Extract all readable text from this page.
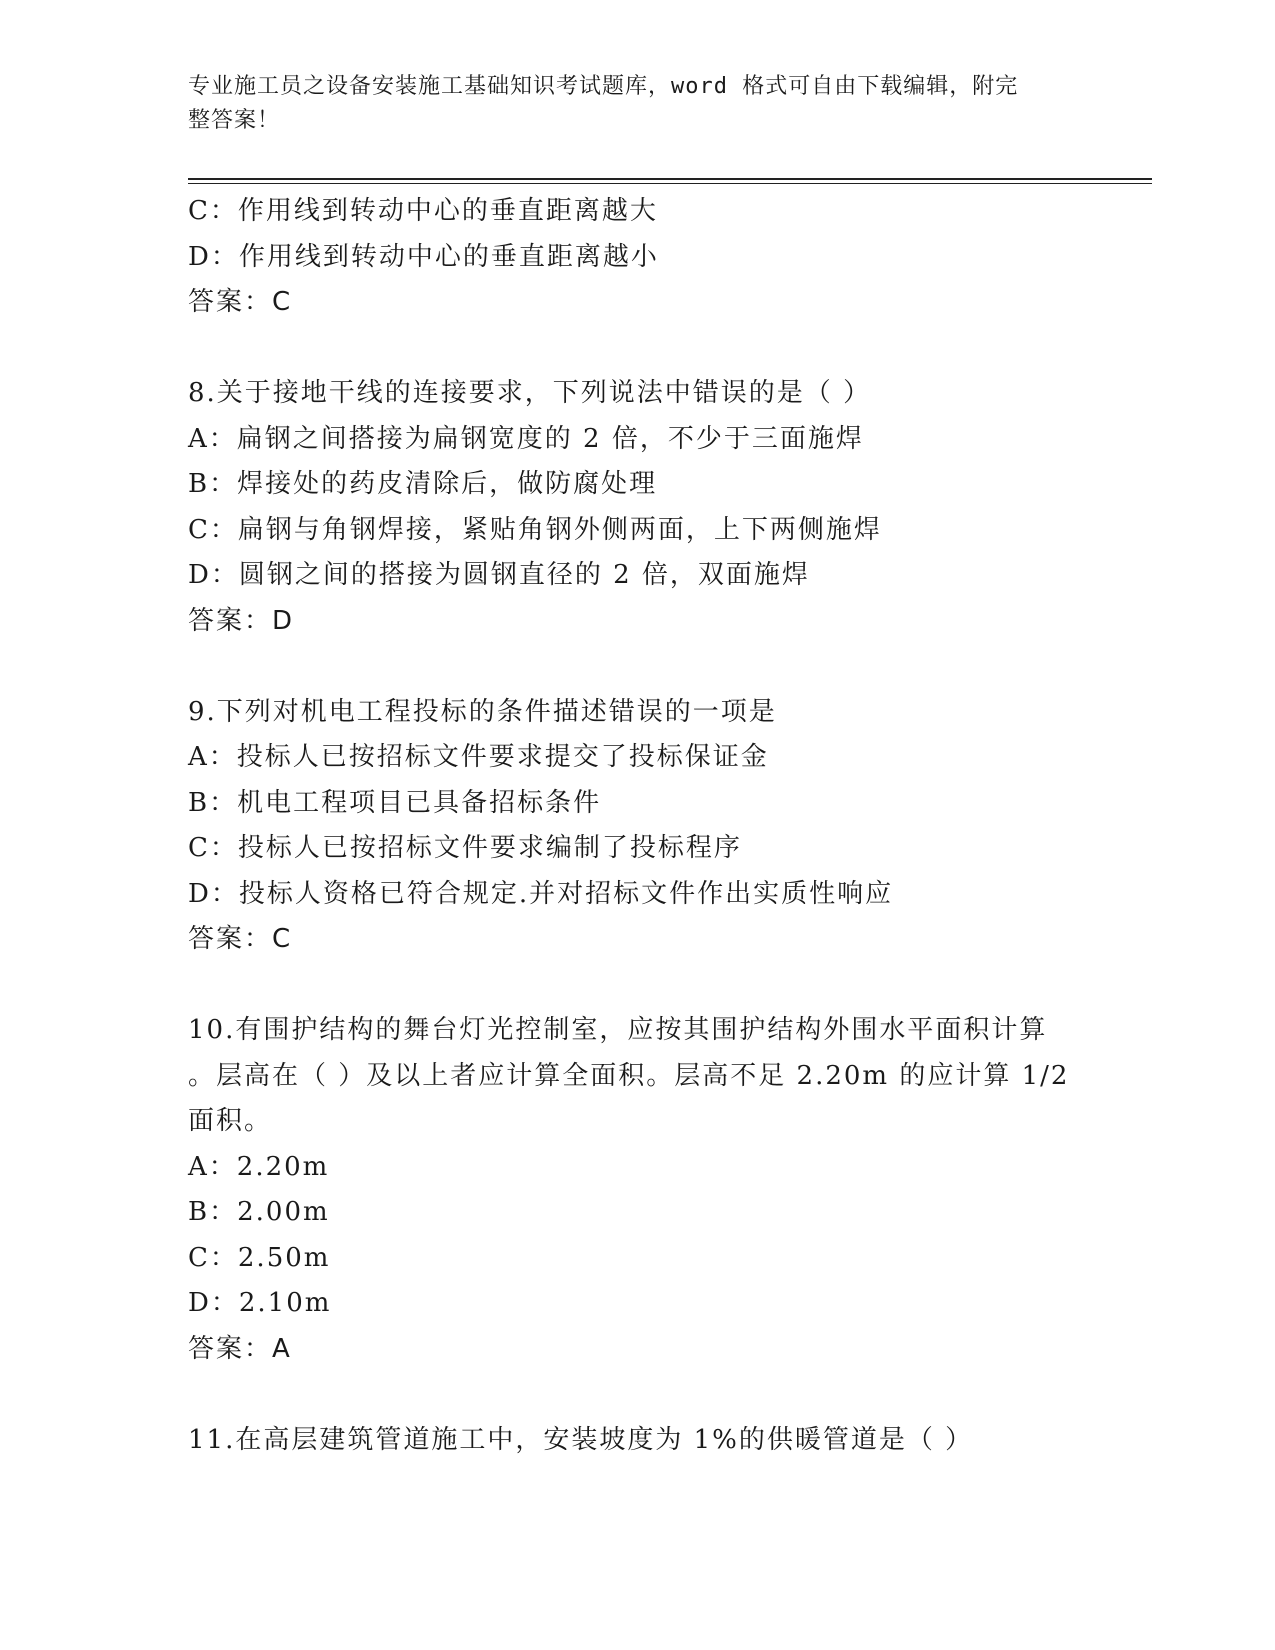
专业施工员之设备安装施工基础知识考试题库，word 格式可自由下载编辑，附完
整答案！
C：作用线到转动中心的垂直距离越大
D：作用线到转动中心的垂直距离越小
答案：C
8.关于接地干线的连接要求，下列说法中错误的是（ ）
A：扁钢之间搭接为扁钢宽度的 2 倍，不少于三面施焊
B：焊接处的药皮清除后，做防腐处理
C：扁钢与角钢焊接，紧贴角钢外侧两面，上下两侧施焊
D：圆钢之间的搭接为圆钢直径的 2 倍，双面施焊
答案：D
9.下列对机电工程投标的条件描述错误的一项是
A：投标人已按招标文件要求提交了投标保证金
B：机电工程项目已具备招标条件
C：投标人已按招标文件要求编制了投标程序
D：投标人资格已符合规定.并对招标文件作出实质性响应
答案：C
10.有围护结构的舞台灯光控制室，应按其围护结构外围水平面积计算
。层高在（ ）及以上者应计算全面积。层高不足 2.20m 的应计算 1/2
面积。
A：2.20m
B：2.00m
C：2.50m
D：2.10m
答案：A
11.在高层建筑管道施工中，安装坡度为 1%的供暖管道是（ ）
